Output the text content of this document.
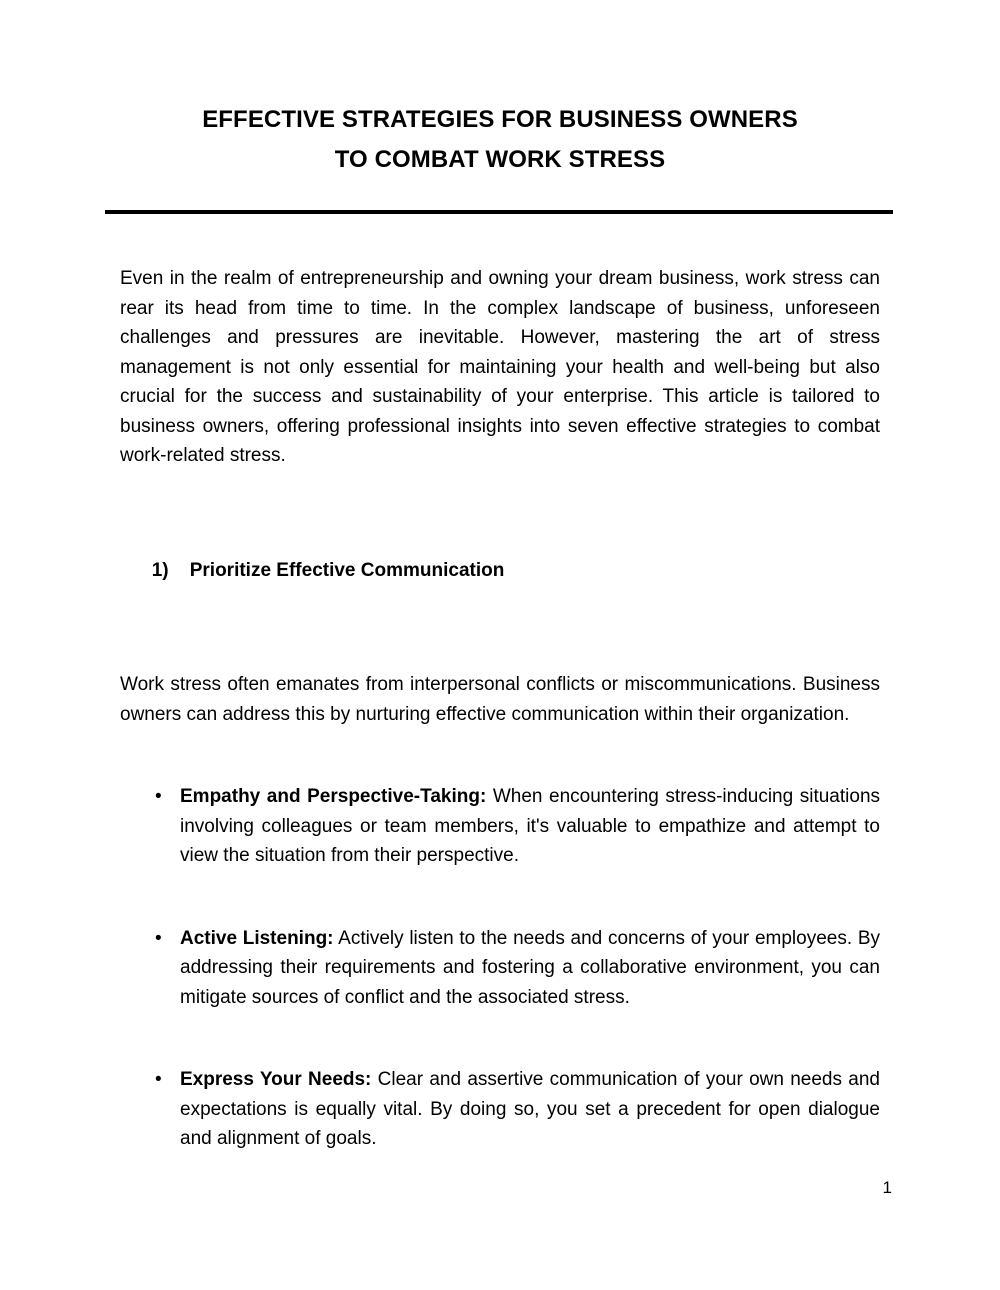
EFFECTIVE STRATEGIES FOR BUSINESS OWNERS
TO COMBAT WORK STRESS

Even in the realm of entrepreneurship and owning your dream business, work stress can rear its head from time to time. In the complex landscape of business, unforeseen challenges and pressures are inevitable. However, mastering the art of stress management is not only essential for maintaining your health and well-being but also crucial for the success and sustainability of your enterprise. This article is tailored to business owners, offering professional insights into seven effective strategies to combat work-related stress.

1) Prioritize Effective Communication

Work stress often emanates from interpersonal conflicts or miscommunications. Business owners can address this by nurturing effective communication within their organization.

• Empathy and Perspective-Taking: When encountering stress-inducing situations involving colleagues or team members, it's valuable to empathize and attempt to view the situation from their perspective.
• Active Listening: Actively listen to the needs and concerns of your employees. By addressing their requirements and fostering a collaborative environment, you can mitigate sources of conflict and the associated stress.
• Express Your Needs: Clear and assertive communication of your own needs and expectations is equally vital. By doing so, you set a precedent for open dialogue and alignment of goals.
1
